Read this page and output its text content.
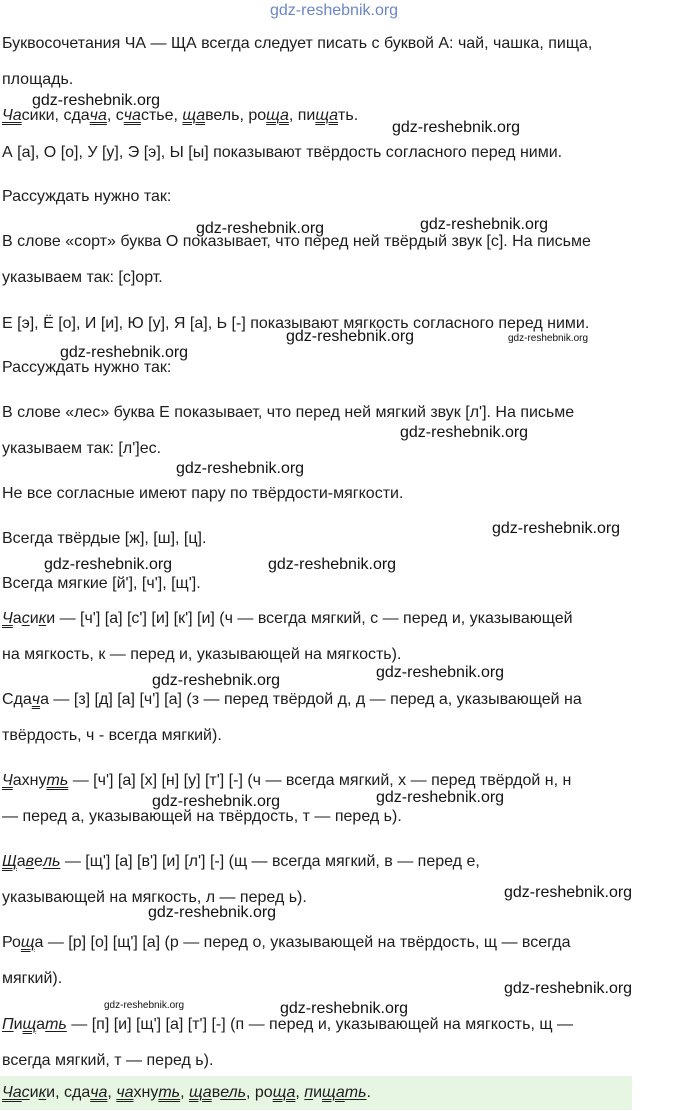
gdz-reshebnik.org

Буквосочетания ЧА — ЩА всегда следует писать с буквой А: чай, чашка, пища,

площадь.

Часики, сдача, счастье, щавель, роща, пищать.

А [а], О [о], У [у], Э [э], Ы [ы] показывают твёрдость согласного перед ними.

Рассуждать нужно так:

В слове «сорт» буква О показывает, что перед ней твёрдый звук [с]. На письме

указываем так: [с]орт.

Е [э], Ё [о], И [и], Ю [у], Я [а], Ь [-] показывают мягкость согласного перед ними.

Рассуждать нужно так:

В слове «лес» буква Е показывает, что перед ней мягкий звук [л']. На письме

указываем так: [л']ес.

Не все согласные имеют пару по твёрдости-мягкости.

Всегда твёрдые [ж], [ш], [ц].

Всегда мягкие [й'], [ч'], [щ'].

Часики — [ч'] [а] [с'] [и] [к'] [и] (ч — всегда мягкий, с — перед и, указывающей

на мягкость, к — перед и, указывающей на мягкость).

Сдача — [з] [д] [а] [ч'] [а] (з — перед твёрдой д, д — перед а, указывающей на

твёрдость, ч - всегда мягкий).

Чахнуть — [ч'] [а] [х] [н] [у] [т'] [-] (ч — всегда мягкий, х — перед твёрдой н, н

— перед а, указывающей на твёрдость, т — перед ь).

Щавель — [щ'] [а] [в'] [и] [л'] [-] (щ — всегда мягкий, в — перед е,

указывающей на мягкость, л — перед ь).

Роща — [р] [о] [щ'] [а] (р — перед о, указывающей на твёрдость, щ — всегда

мягкий).

Пищать — [п] [и] [щ'] [а] [т'] [-] (п — перед и, указывающей на мягкость, щ —

всегда мягкий, т — перед ь).

Часики, сдача, чахнуть, щавель, роща, пищать.

gdz-reshebnik.org
gdz-reshebnik.org
gdz-reshebnik.org	gdz-reshebnik.org
gdz-reshebnik.org	gdz-reshebnik.org
gdz-reshebnik.org
gdz-reshebnik.org
gdz-reshebnik.org
gdz-reshebnik.org
gdz-reshebnik.org	gdz-reshebnik.org
gdz-reshebnik.org
gdz-reshebnik.org
gdz-reshebnik.org	gdz-reshebnik.org
gdz-reshebnik.org
gdz-reshebnik.org
gdz-reshebnik.org
gdz-reshebnik.org	gdz-reshebnik.org
